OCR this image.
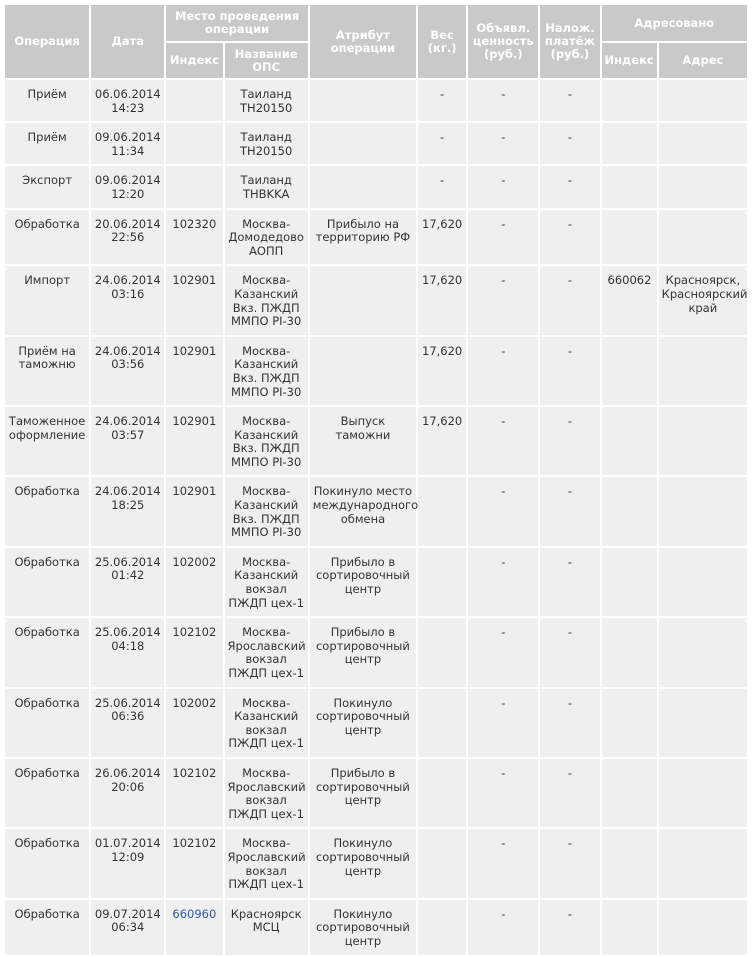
Операция	Дата	Место проведения операции		Атрибут операции	Вес (кг.)	Объявл. ценность (руб.)	Налож. платёж (руб.)	Адресовано	
		Индекс	Название ОПС					Индекс	Адрес
Приём	06.06.2014 14:23		Таиланд TH20150		-	-	-		
Приём	09.06.2014 11:34		Таиланд TH20150		-	-	-		
Экспорт	09.06.2014 12:20		Таиланд THBKKA		-	-	-		
Обработка	20.06.2014 22:56	102320	Москва-Домодедово АОПП	Прибыло на территорию РФ	17,620	-	-		
Импорт	24.06.2014 03:16	102901	Москва-Казанский Вкз. ПЖДП ММПО PI-30		17,620	-	-	660062	Красноярск, Красноярский край
Приём на таможню	24.06.2014 03:56	102901	Москва-Казанский Вкз. ПЖДП ММПО PI-30		17,620	-	-		
Таможенное оформление	24.06.2014 03:57	102901	Москва-Казанский Вкз. ПЖДП ММПО PI-30	Выпуск таможни	17,620	-	-		
Обработка	24.06.2014 18:25	102901	Москва-Казанский Вкз. ПЖДП ММПО PI-30	Покинуло место международного обмена		-	-		
Обработка	25.06.2014 01:42	102002	Москва-Казанский вокзал ПЖДП цех-1	Прибыло в сортировочный центр		-	-		
Обработка	25.06.2014 04:18	102102	Москва-Ярославский вокзал ПЖДП цех-1	Прибыло в сортировочный центр		-	-		
Обработка	25.06.2014 06:36	102002	Москва-Казанский вокзал ПЖДП цех-1	Покинуло сортировочный центр		-	-		
Обработка	26.06.2014 20:06	102102	Москва-Ярославский вокзал ПЖДП цех-1	Прибыло в сортировочный центр		-	-		
Обработка	01.07.2014 12:09	102102	Москва-Ярославский вокзал ПЖДП цех-1	Покинуло сортировочный центр		-	-		
Обработка	09.07.2014 06:34	660960	Красноярск МСЦ	Покинуло сортировочный центр		-	-		
